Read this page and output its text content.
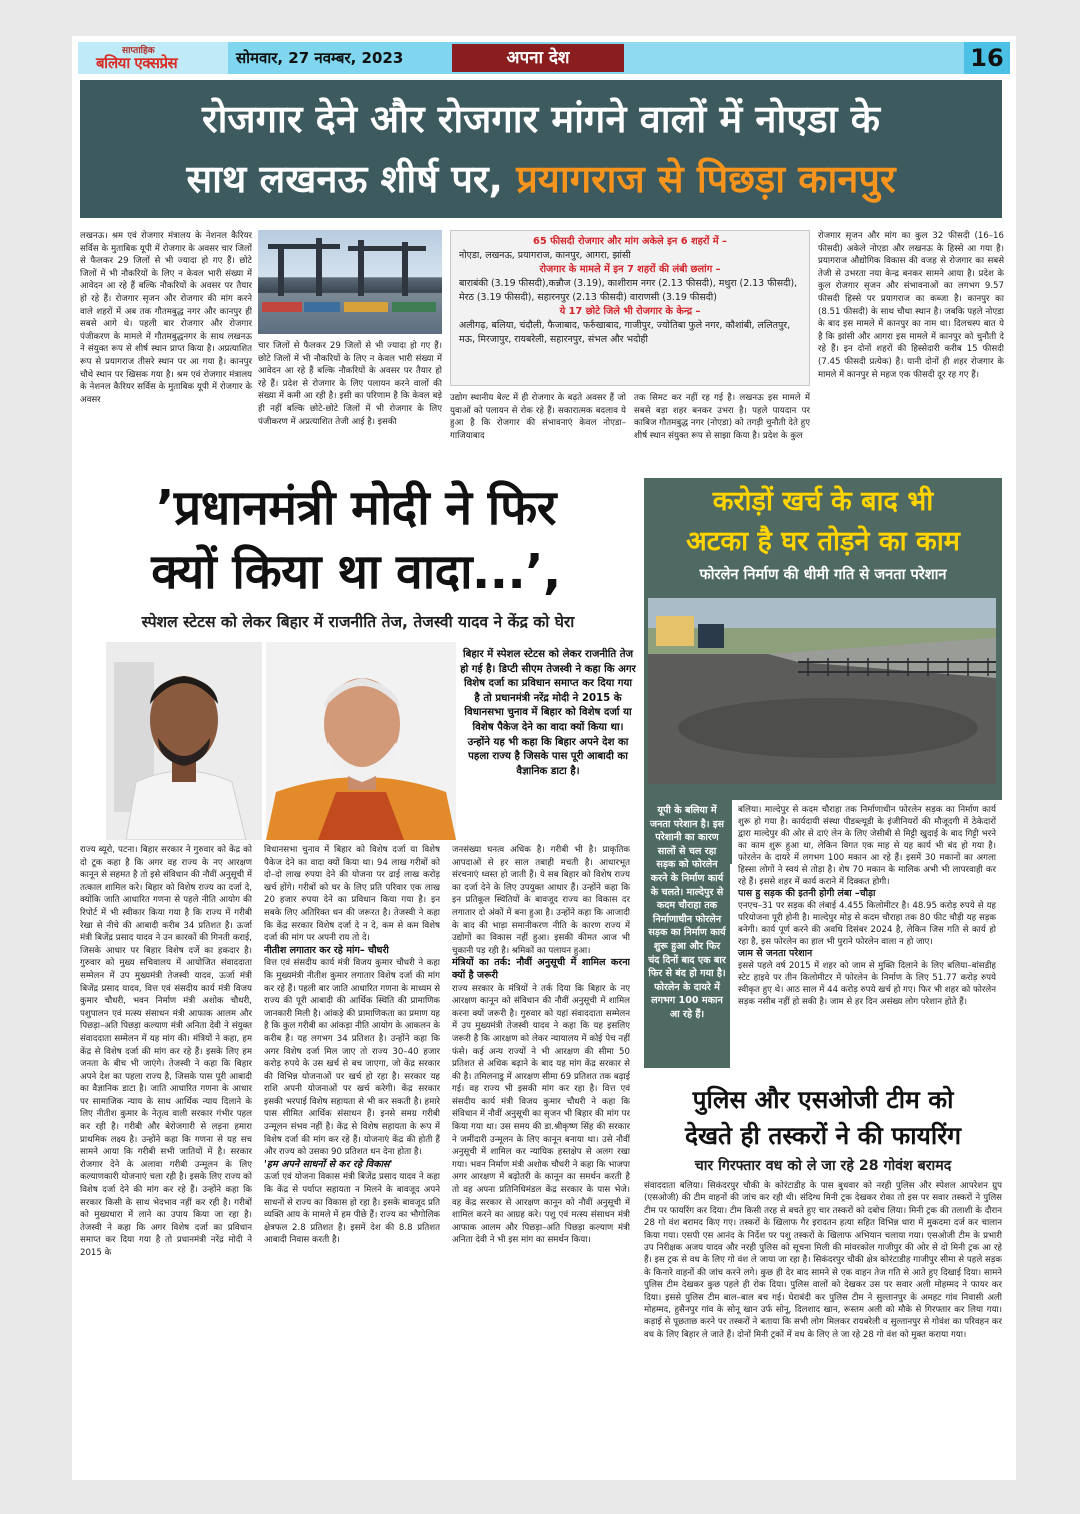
साप्ताहिक
बलिया एक्सप्रेस	सोमवार, 27 नवम्बर, 2023	अपना देश	16
रोजगार देने और रोजगार मांगने वालों में नोएडा के
साथ लखनऊ शीर्ष पर, प्रयागराज से पिछड़ा कानपुर
लखनऊ। श्रम एवं रोजगार मंत्रालय के नेशनल कैरियर सर्विस के मुताबिक यूपी में रोजगार के अवसर चार जिलों से फैलकर 29 जिलों से भी ज्यादा हो गए हैं। छोटे जिलों में भी नौकरियों के लिए न केवल भारी संख्या में आवेदन आ रहे हैं बल्कि नौकरियों के अवसर पर तैयार हो रहे हैं। रोजगार सृजन और रोजगार की मांग करने वाले शहरों में अब तक गौतमबुद्ध नगर और कानपुर ही सबसे आगे थे। पहली बार रोजगार और रोजगार पंजीकरण के मामले में गौतमबुद्धनगर के साथ लखनऊ ने संयुक्त रूप से शीर्ष स्थान प्राप्त किया है। अप्रत्याशित रूप से प्रयागराज तीसरे स्थान पर आ गया है। कानपुर चौथे स्थान पर खिसक गया है। श्रम एवं रोजगार मंत्रालय के नेशनल कैरियर सर्विस के मुताबिक यूपी में रोजगार के अवसर
चार जिलों से फैलकर 29 जिलों से भी ज्यादा हो गए हैं। छोटे जिलों में भी नौकरियों के लिए न केवल भारी संख्या में आवेदन आ रहे हैं बल्कि नौकरियों के अवसर पर तैयार हो रहे हैं। प्रदेश से रोजगार के लिए पलायन करने वालों की संख्या में कमी आ रही है। इसी का परिणाम है कि केवल बड़े ही नहीं बल्कि छोटे-छोटे जिलों में भी रोजगार के लिए पंजीकरण में अप्रत्याशित तेजी आई है। इसकी
65 फीसदी रोजगार और मांग अकेले इन 6 शहरों में –
नोएडा, लखनऊ, प्रयागराज, कानपुर, आगरा, झांसी
रोजगार के मामले में इन 7 शहरों की लंबी छलांग –
बाराबंकी (3.19 फीसदी),कन्नौज (3.19), काशीराम नगर (2.13 फीसदी), मथुरा (2.13 फीसदी), मेरठ (3.19 फीसदी), सहारनपुर (2.13 फीसदी) वाराणसी (3.19 फीसदी)
ये 17 छोटे जिले भी रोजगार के केन्द्र –
अलीगढ़, बलिया, चंदौली, फैजाबाद, फर्रुखाबाद, गाजीपुर, ज्योतिबा फुले नगर, कौशांबी, ललितपुर, मऊ, मिरजापुर, रायबरेली, सहारनपुर, संभल और भदोही
उद्योग स्थानीय बेल्ट में ही रोजगार के बढ़ते अवसर हैं जो युवाओं को पलायन से रोक रहे हैं। सकारात्मक बदलाव ये हुआ है कि रोजगार की संभावनाएं केवल नोएडा–गाजियाबाद
तक सिमट कर नहीं रह गई है। लखनऊ इस मामले में सबसे बड़ा शहर बनकर उभरा है। पहले पायदान पर काबिज गौतमबुद्ध नगर (नोएडा) को तगड़ी चुनौती देते हुए शीर्ष स्थान संयुक्त रूप से साझा किया है। प्रदेश के कुल
रोजगार सृजन और मांग का कुल 32 फीसदी (16–16 फीसदी) अकेले नोएडा और लखनऊ के हिस्से आ गया है। प्रयागराज औद्योगिक विकास की वजह से रोजगार का सबसे तेजी से उभरता नया केन्द्र बनकर सामने आया है। प्रदेश के कुल रोजगार सृजन और संभावनाओं का लगभग 9.57 फीसदी हिस्से पर प्रयागराज का कब्जा है। कानपुर का (8.51 फीसदी) के साथ चौथा स्थान है। जबकि पहले नोएडा के बाद इस मामले में कानपुर का नाम था। दिलचस्प बात ये है कि झांसी और आगरा इस मामले में कानपुर को चुनौती दे रहे हैं। इन दोनों शहरों की हिस्सेदारी करीब 15 फीसदी (7.45 फीसदी प्रत्येक) है। यानी दोनों ही शहर रोजगार के मामले में कानपुर से महज एक फीसदी दूर रह गए हैं।
’प्रधानमंत्री मोदी ने फिर
क्यों किया था वादा...’,
स्पेशल स्टेटस को लेकर बिहार में राजनीति तेज, तेजस्वी यादव ने केंद्र को घेरा
बिहार में स्पेशल स्टेटस को लेकर राजनीति तेज हो गई है। डिप्टी सीएम तेजस्वी ने कहा कि अगर विशेष दर्जा का प्रविधान समाप्त कर दिया गया है तो प्रधानमंत्री नरेंद्र मोदी ने 2015 के विधानसभा चुनाव में बिहार को विशेष दर्जा या विशेष पैकेज देने का वादा क्यों किया था। उन्होंने यह भी कहा कि बिहार अपने देश का पहला राज्य है जिसके पास पूरी आबादी का वैज्ञानिक डाटा है।
राज्य ब्यूरो, पटना। बिहार सरकार ने गुरुवार को केंद्र को दो टूक कहा है कि अगर वह राज्य के नए आरक्षण कानून से सहमत है तो इसे संविधान की नौवीं अनुसूची में तत्काल शामिल करे। बिहार को विशेष राज्य का दर्जा दे, क्योंकि जाति आधारित गणना से पहले नीति आयोग की रिपोर्ट में भी स्वीकार किया गया है कि राज्य में गरीबी रेखा से नीचे की आबादी करीब 34 प्रतिशत है। ऊर्जा मंत्री बिजेंद्र प्रसाद यादव ने उन कारकों की गिनती कराई, जिसके आधार पर बिहार विशेष दर्जे का हकदार है। गुरुवार को मुख्य सचिवालय में आयोजित संवाददाता सम्मेलन में उप मुख्यमंत्री तेजस्वी यादव, ऊर्जा मंत्री बिजेंद्र प्रसाद यादव, वित्त एवं संसदीय कार्य मंत्री विजय कुमार चौधरी, भवन निर्माण मंत्री अशोक चौधरी, पशुपालन एवं मत्स्य संसाधन मंत्री आफाक आलम और पिछड़ा–अति पिछड़ा कल्याण मंत्री अनिता देवी ने संयुक्त संवाददाता सम्मेलन में यह मांग की। मंत्रियों ने कहा, हम केंद्र से विशेष दर्जा की मांग कर रहे हैं। इसके लिए हम जनता के बीच भी जाएंगे। तेजस्वी ने कहा कि बिहार अपने देश का पहला राज्य है, जिसके पास पूरी आबादी का वैज्ञानिक डाटा है। जाति आधारित गणना के आधार पर सामाजिक न्याय के साथ आर्थिक न्याय दिलाने के लिए नीतीश कुमार के नेतृत्व वाली सरकार गंभीर पहल कर रही है। गरीबी और बेरोजगारी से लड़ना हमारा प्राथमिक लक्ष्य है। उन्होंने कहा कि गणना से यह सच सामने आया कि गरीबी सभी जातियों में है। सरकार रोजगार देने के अलावा गरीबी उन्मूलन के लिए कल्याणकारी योजनाएं चला रही है। इसके लिए राज्य को विशेष दर्जा देने की मांग कर रहे हैं। उन्होंने कहा कि सरकार किसी के साथ भेदभाव नहीं कर रही है। गरीबों को मुख्यधारा में लाने का उपाय किया जा रहा है। तेजस्वी ने कहा कि अगर विशेष दर्जा का प्रविधान समाप्त कर दिया गया है तो प्रधानमंत्री नरेंद्र मोदी ने 2015 के

विधानसभा चुनाव में बिहार को विशेष दर्जा या विशेष पैकेज देने का वादा क्यों किया था। 94 लाख गरीबों को दो–दो लाख रुपया देने की योजना पर ढाई लाख करोड़ खर्च होंगे। गरीबों को घर के लिए प्रति परिवार एक लाख 20 हजार रुपया देने का प्रविधान किया गया है। इन सबके लिए अतिरिक्त धन की जरूरत है। तेजस्वी ने कहा कि केंद्र सरकार विशेष दर्जा दे न दे, कम से कम विशेष दर्जा की मांग पर अपनी राय तो दे।

नीतीश लगातार कर रहे मांग– चौधरी

वित्त एवं संसदीय कार्य मंत्री विजय कुमार चौधरी ने कहा कि मुख्यमंत्री नीतीश कुमार लगातार विशेष दर्जा की मांग कर रहे हैं। पहली बार जाति आधारित गणना के माध्यम से राज्य की पूरी आबादी की आर्थिक स्थिति की प्रामाणिक जानकारी मिली है। आंकड़े की प्रामाणिकता का प्रमाण यह है कि कुल गरीबी का आंकड़ा नीति आयोग के आकलन के करीब है। यह लगभग 34 प्रतिशत है। उन्होंने कहा कि अगर विशेष दर्जा मिल जाए तो राज्य 30–40 हजार करोड़ रुपये के उस खर्च से बच जाएगा, जो केंद्र सरकार की विभिन्न योजनाओं पर खर्च हो रहा है। सरकार यह राशि अपनी योजनाओं पर खर्च करेगी। केंद्र सरकार इसकी भरपाई विशेष सहायता से भी कर सकती है। हमारे पास सीमित आर्थिक संसाधन हैं। इनसे समग्र गरीबी उन्मूलन संभव नहीं है। केंद्र से विशेष सहायता के रूप में विशेष दर्जा की मांग कर रहे हैं। योजनाएं केंद्र की होती हैं और राज्य को उसका 90 प्रतिशत धन देना होता है।

'हम अपने साधनों से कर रहे विकास'

ऊर्जा एवं योजना विकास मंत्री बिजेंद्र प्रसाद यादव ने कहा कि केंद्र से पर्याप्त सहायता न मिलने के बावजूद अपने साधनों से राज्य का विकास हो रहा है। इसके बावजूद प्रति व्यक्ति आय के मामले में हम पीछे हैं। राज्य का भौगोलिक क्षेत्रफल 2.8 प्रतिशत है। इसमें देश की 8.8 प्रतिशत आबादी निवास करती है।

जनसंख्या घनत्व अधिक है। गरीबी भी है। प्राकृतिक आपदाओं से हर साल तबाही मचती है। आधारभूत संरचनाएं ध्वस्त हो जाती हैं। ये सब बिहार को विशेष राज्य का दर्जा देने के लिए उपयुक्त आधार हैं। उन्होंने कहा कि इन प्रतिकूल स्थितियों के बावजूद राज्य का विकास दर लगातार दो अंकों में बना हुआ है। उन्होंने कहा कि आजादी के बाद की भाड़ा समानीकरण नीति के कारण राज्य में उद्योगों का विकास नहीं हुआ। इसकी कीमत आज भी चुकानी पड़ रही है। श्रमिकों का पलायन हुआ।

मंत्रियों का तर्क: नौवीं अनुसूची में शामिल करना क्यों है जरूरी

राज्य सरकार के मंत्रियों ने तर्क दिया कि बिहार के नए आरक्षण कानून को संविधान की नौवीं अनुसूची में शामिल करना क्यों जरूरी है। गुरुवार को यहां संवाददाता सम्मेलन में उप मुख्यमंत्री तेजस्वी यादव ने कहा कि यह इसलिए जरूरी है कि आरक्षण को लेकर न्यायालय में कोई पेच नहीं फंसे। कई अन्य राज्यों ने भी आरक्षण की सीमा 50 प्रतिशत से अधिक बढ़ाने के बाद यह मांग केंद्र सरकार से की है। तमिलनाडु में आरक्षण सीमा 69 प्रतिशत तक बढ़ाई गई। वह राज्य भी इसकी मांग कर रहा है। वित्त एवं संसदीय कार्य मंत्री विजय कुमार चौधरी ने कहा कि संविधान में नौवीं अनुसूची का सृजन भी बिहार की मांग पर किया गया था। उस समय की डा.श्रीकृष्ण सिंह की सरकार ने जमींदारी उन्मूलन के लिए कानून बनाया था। उसे नौवीं अनुसूची में शामिल कर न्यायिक हस्तक्षेप से अलग रखा गया। भवन निर्माण मंत्री अशोक चौधरी ने कहा कि भाजपा अगर आरक्षण में बढ़ोतरी के कानून का समर्थन करती है तो वह अपना प्रतिनिधिमंडल केंद्र सरकार के पास भेजे। वह केंद्र सरकार से आरक्षण कानून को नौवीं अनुसूची में शामिल करने का आग्रह करे। पशु एवं मत्स्य संसाधन मंत्री आफाक आलम और पिछड़ा–अति पिछड़ा कल्याण मंत्री अनिता देवी ने भी इस मांग का समर्थन किया।

करोड़ों खर्च के बाद भी
अटका है घर तोड़ने का काम
फोरलेन निर्माण की धीमी गति से जनता परेशान
यूपी के बलिया में जनता परेशान है। इस परेशानी का कारण सालों से चल रहा सड़क को फोरलेन करने के निर्माण कार्य के चलते। माल्देपुर से कदम चौराहा तक निर्माणाधीन फोरलेन सड़क का निर्माण कार्य शुरू हुआ और फिर चंद दिनों बाद एक बार फिर से बंद हो गया है। फोरलेन के दायरे में लगभग 100 मकान आ रहे हैं।

बलिया। माल्देपुर से कदम चौराहा तक निर्माणाधीन फोरलेन सड़क का निर्माण कार्य शुरू हो गया है। कार्यदायी संस्था पीडब्ल्यूडी के इंजीनियरों की मौजूदगी में ठेकेदारों द्वारा माल्देपुर की ओर से दाएं लेन के लिए जेसीबी से मिट्टी खुदाई के बाद गिट्टी भरने का काम शुरू हुआ था, लेकिन विगत एक माह से यह कार्य भी बंद हो गया है। फोरलेन के दायरे में लगभग 100 मकान आ रहे हैं। इसमें 30 मकानों का अगला हिस्सा लोगों ने स्वयं से तोड़ा है। शेष 70 मकान के मालिक अभी भी लापरवाही कर रहे हैं। इससे शहर में कार्य कराने में दिक्कत होगी।

पास हु सड़क की इतनी होगी लंबा –चौड़ा

एनएच–31 पर सड़क की लंबाई 4.455 किलोमीटर है। 48.95 करोड़ रुपये से यह परियोजना पूरी होनी है। माल्देपुर मोड़ से कदम चौराहा तक 80 फीट चौड़ी यह सड़क बनेगी। कार्य पूर्ण करने की अवधि दिसंबर 2024 है, लेकिन जिस गति से कार्य हो रहा है, इस फोरलेन का हाल भी पुराने फोरलेन वाला न हो जाए।

जाम से जनता परेशान

इससे पहले वर्ष 2015 में शहर को जाम से मुक्ति दिलाने के लिए बलिया–बांसडीह स्टेट हाइवे पर तीन किलोमीटर में फोरलेन के निर्माण के लिए 51.77 करोड़ रुपये स्वीकृत हुए थे। आठ साल में 44 करोड़ रुपये खर्च हो गए। फिर भी शहर को फोरलेन सड़क नसीब नहीं हो सकी है। जाम से हर दिन असंख्य लोग परेशान होते हैं।

पुलिस और एसओजी टीम को
देखते ही तस्करों ने की फायरिंग
चार गिरफ्तार वध को ले जा रहे 28 गोवंश बरामद
संवाददाता बलिया। सिकंदरपुर चौकी के कोरंटाडीह के पास बुधवार को नरही पुलिस और स्पेशल आपरेशन ग्रुप (एसओजी) की टीम वाहनों की जांच कर रही थी। संदिग्ध मिनी ट्रक देखकर रोका तो इस पर सवार तस्करों ने पुलिस टीम पर फायरिंग कर दिया। टीम किसी तरह से बचते हुए चार तस्करों को दबोच लिया। मिनी ट्रक की तलाशी के दौरान 28 गो वंश बरामद किए गए। तस्करों के खिलाफ गैर इरादतन हत्या सहित विभिन्न धारा में मुकदमा दर्ज कर चालान किया गया। एसपी एस आनंद के निर्देश पर पशु तस्करों के खिलाफ अभियान चलाया गया। एसओजी टीम के प्रभारी उप निरीक्षक अजय यादव और नरही पुलिस को सूचना मिली की मांवरकोल गाजीपुर की ओर से दो मिनी ट्रक आ रहे हैं। इस ट्रक से वध के लिए गो वंश ले जाया जा रहा है। सिकंदरपुर चौकी क्षेत्र कोरंटाडीह गाजीपुर सीमा से पहले सड़क के किनारे वाहनों की जांच करने लगे। कुछ ही देर बाद सामने से एक वाहन तेज गति से आते हुए दिखाई दिया। सामने पुलिस टीम देखकर कुछ पहले ही रोक दिया। पुलिस वालों को देखकर उस पर सवार अली मोहम्मद ने फायर कर दिया। इससे पुलिस टीम बाल–बाल बच गई। घेराबंदी कर पुलिस टीम ने सुल्तानपुर के अमहट गांव निवासी अली मोहम्मद, हुसैनपुर गांव के सोनू खान उर्फ सोनू, दिलशाद खान, रूस्तम अली को मौके से गिरफ्तार कर लिया गया। कड़ाई से पूछताछ करने पर तस्करों ने बताया कि सभी लोग मिलकर रायबरेली व सुल्तानपुर से गोवंश का परिवहन कर वध के लिए बिहार ले जाते हैं। दोनों मिनी ट्रकों में वध के लिए ले जा रहे 28 गो वंश को मुक्त कराया गया।
